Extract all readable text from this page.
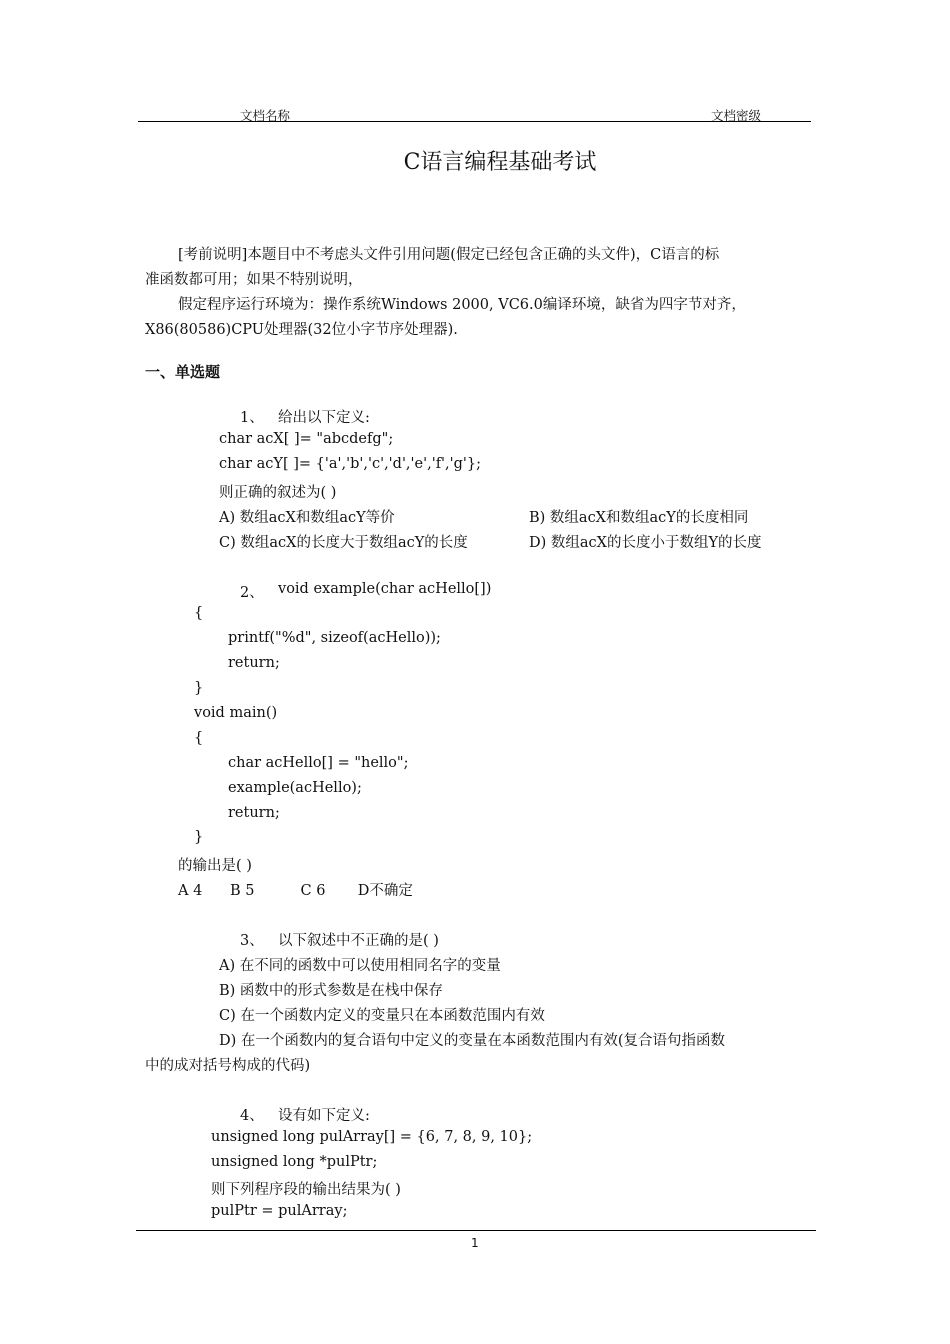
文档名称	文档密级
C语言编程基础考试
[考前说明]本题目中不考虑头文件引用问题(假定已经包含正确的头文件)，C语言的标
准函数都可用；如果不特别说明，
假定程序运行环境为：操作系统Windows 2000, VC6.0编译环境，缺省为四字节对齐，
X86(80586)CPU处理器(32位小字节序处理器).
一、单选题
1、 给出以下定义:
char acX[ ]= "abcdefg";
char acY[ ]= {'a','b','c','d','e','f','g'};
则正确的叙述为( )
A) 数组acX和数组acY等价	B) 数组acX和数组acY的长度相同
C) 数组acX的长度大于数组acY的长度	D) 数组acX的长度小于数组Y的长度
2、 void example(char acHello[])
{
printf("%d", sizeof(acHello));
return;
}
void main()
{
char acHello[] = "hello";
example(acHello);
return;
}
的输出是( )
A 4      B 5          C 6       D不确定
3、 以下叙述中不正确的是( )
A) 在不同的函数中可以使用相同名字的变量
B) 函数中的形式参数是在栈中保存
C) 在一个函数内定义的变量只在本函数范围内有效
D) 在一个函数内的复合语句中定义的变量在本函数范围内有效(复合语句指函数
中的成对括号构成的代码)
4、 设有如下定义:
unsigned long pulArray[] = {6, 7, 8, 9, 10};
unsigned long *pulPtr;
则下列程序段的输出结果为( )
pulPtr = pulArray;
1
